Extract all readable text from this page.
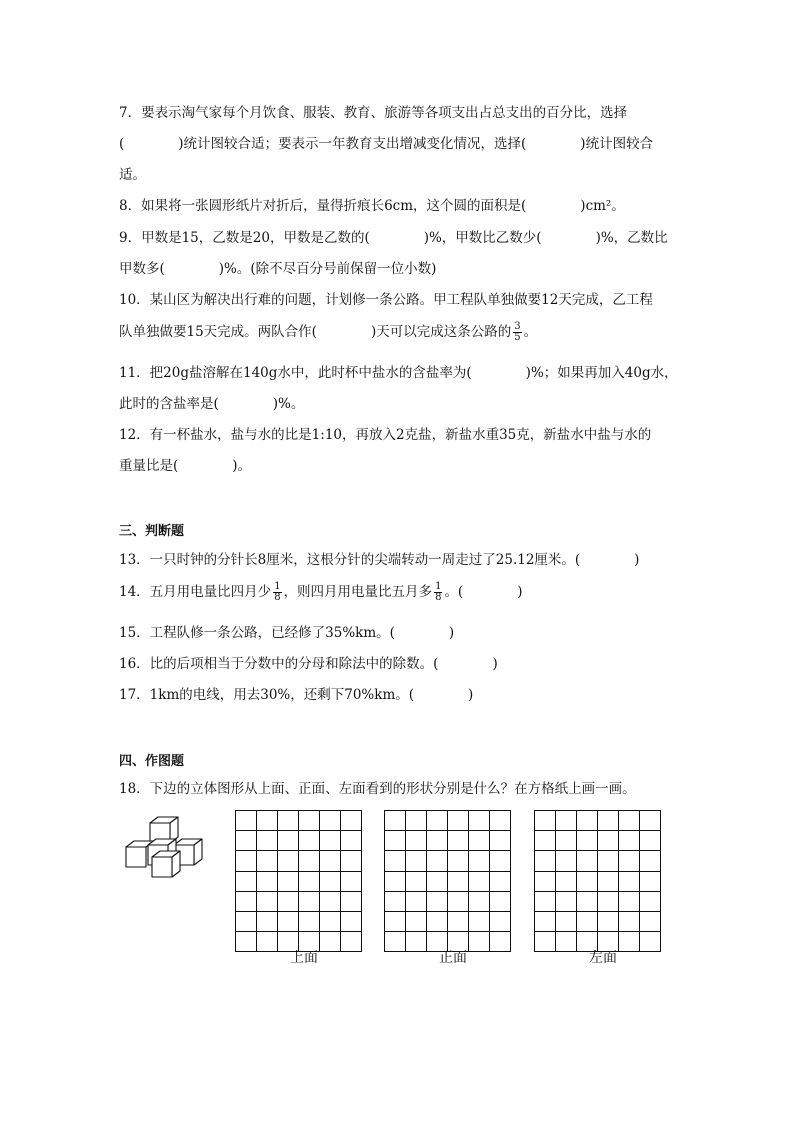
7．要表示淘气家每个月饮食、服装、教育、旅游等各项支出占总支出的百分比，选择
(　　　　)统计图较合适；要表示一年教育支出增减变化情况，选择(　　　　)统计图较合
适。
8．如果将一张圆形纸片对折后，量得折痕长6cm，这个圆的面积是(　　　　)cm²。
9．甲数是15，乙数是20，甲数是乙数的(　　　　)%，甲数比乙数少(　　　　)%，乙数比
甲数多(　　　　)%。(除不尽百分号前保留一位小数)
10．某山区为解决出行难的问题，计划修一条公路。甲工程队单独做要12天完成，乙工程
队单独做要15天完成。两队合作(　　　　)天可以完成这条公路的 $\frac{3}{5}$ 。
11．把20g盐溶解在140g水中，此时杯中盐水的含盐率为(　　　　)%；如果再加入40g水，
此时的含盐率是(　　　　)%。
12．有一杯盐水，盐与水的比是1:10，再放入2克盐，新盐水重35克，新盐水中盐与水的
重量比是(　　　　)。
三、判断题
13．一只时钟的分针长8厘米，这根分针的尖端转动一周走过了25.12厘米。(　　　　)
14．五月用电量比四月少 $\frac{1}{8}$ ，则四月用电量比五月多 $\frac{1}{8}$ 。(　　　　)
15．工程队修一条公路，已经修了35%km。(　　　　)
16．比的后项相当于分数中的分母和除法中的除数。(　　　　)
17．1km的电线，用去30%，还剩下70%km。(　　　　)
四、作图题
18．下边的立体图形从上面、正面、左面看到的形状分别是什么？在方格纸上画一画。

上面	正面	左面
